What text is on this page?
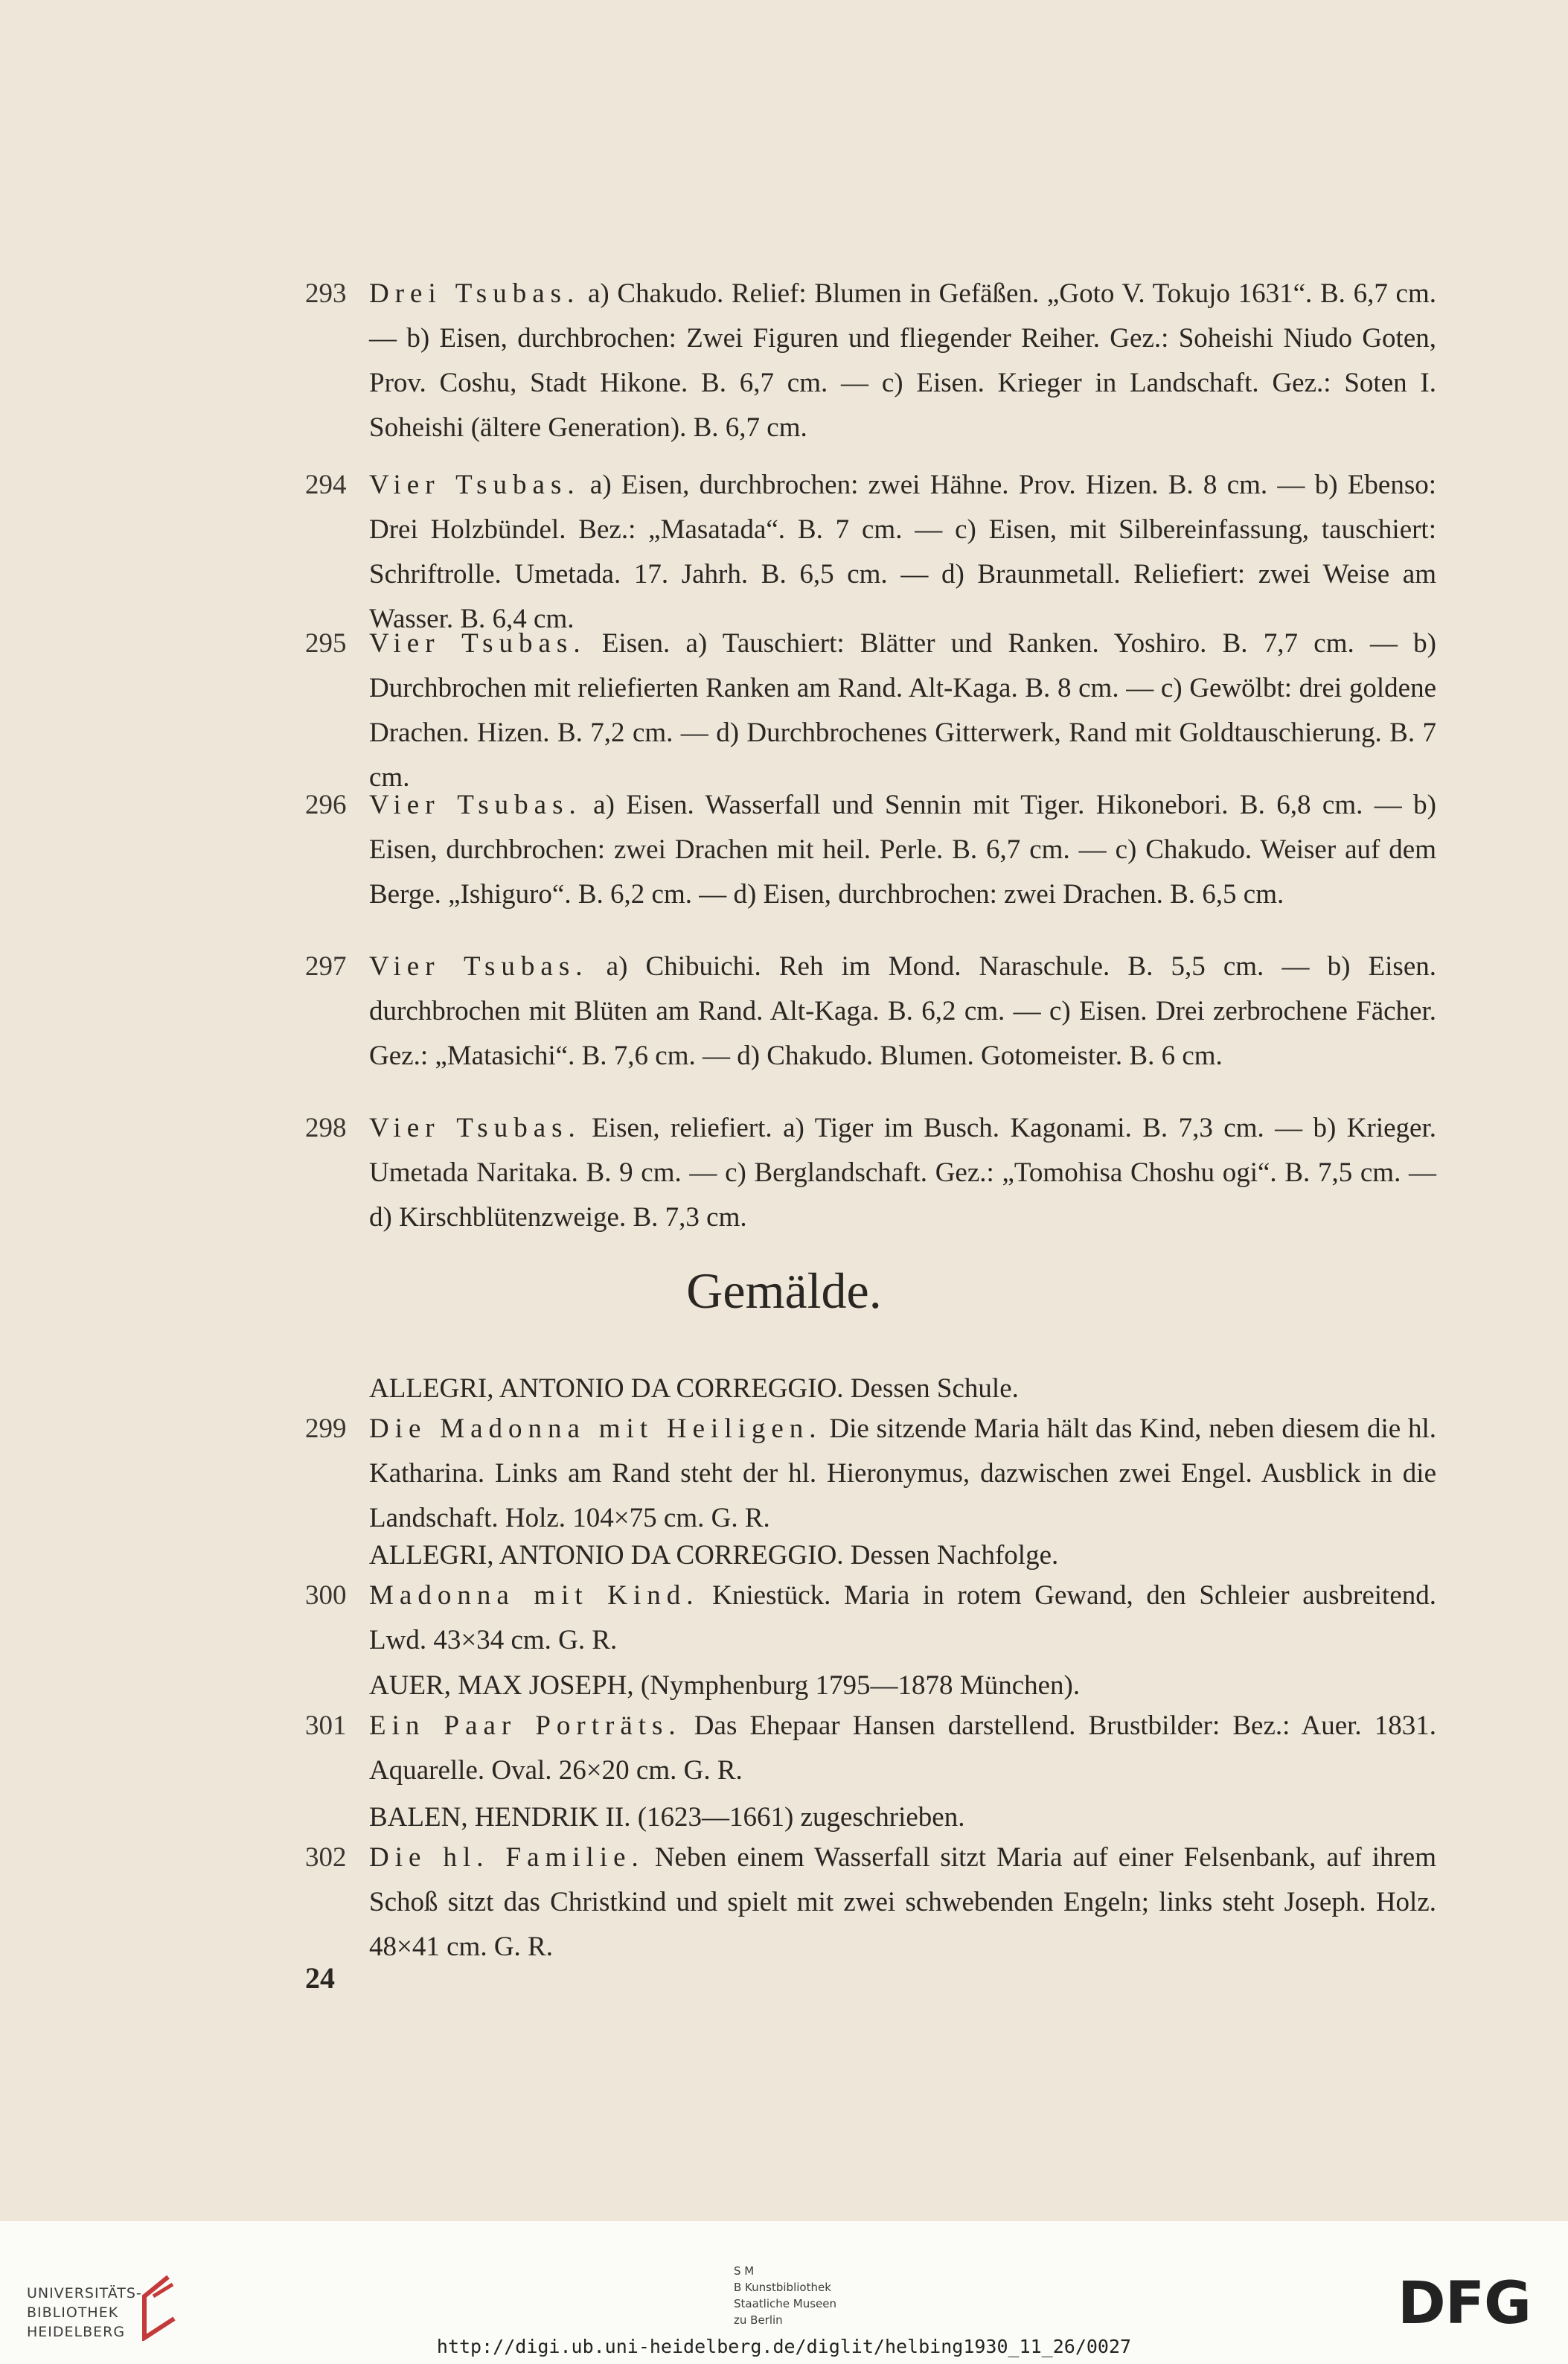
293 Drei Tsubas. a) Chakudo. Relief: Blumen in Gefäßen. „Goto V. Tokujo 1631“. B. 6,7 cm. — b) Eisen, durchbrochen: Zwei Figuren und fliegender Reiher. Gez.: Soheishi Niudo Goten, Prov. Coshu, Stadt Hikone. B. 6,7 cm. — c) Eisen. Krieger in Landschaft. Gez.: Soten I. Soheishi (ältere Generation). B. 6,7 cm.
294 Vier Tsubas. a) Eisen, durchbrochen: zwei Hähne. Prov. Hizen. B. 8 cm. — b) Ebenso: Drei Holzbündel. Bez.: „Masatada“. B. 7 cm. — c) Eisen, mit Silbereinfassung, tauschiert: Schriftrolle. Umetada. 17. Jahrh. B. 6,5 cm. — d) Braunmetall. Reliefiert: zwei Weise am Wasser. B. 6,4 cm.
295 Vier Tsubas. Eisen. a) Tauschiert: Blätter und Ranken. Yoshiro. B. 7,7 cm. — b) Durchbrochen mit reliefierten Ranken am Rand. Alt-Kaga. B. 8 cm. — c) Gewölbt: drei goldene Drachen. Hizen. B. 7,2 cm. — d) Durchbrochenes Gitterwerk, Rand mit Goldtauschierung. B. 7 cm.
296 Vier Tsubas. a) Eisen. Wasserfall und Sennin mit Tiger. Hikonebori. B. 6,8 cm. — b) Eisen, durchbrochen: zwei Drachen mit heil. Perle. B. 6,7 cm. — c) Chakudo. Weiser auf dem Berge. „Ishiguro“. B. 6,2 cm. — d) Eisen, durchbrochen: zwei Drachen. B. 6,5 cm.
297 Vier Tsubas. a) Chibuichi. Reh im Mond. Naraschule. B. 5,5 cm. — b) Eisen. durchbrochen mit Blüten am Rand. Alt-Kaga. B. 6,2 cm. — c) Eisen. Drei zerbrochene Fächer. Gez.: „Matasichi“. B. 7,6 cm. — d) Chakudo. Blumen. Gotomeister. B. 6 cm.
298 Vier Tsubas. Eisen, reliefiert. a) Tiger im Busch. Kagonami. B. 7,3 cm. — b) Krieger. Umetada Naritaka. B. 9 cm. — c) Berglandschaft. Gez.: „Tomohisa Choshu ogi“. B. 7,5 cm. — d) Kirschblütenzweige. B. 7,3 cm.
Gemälde.
ALLEGRI, ANTONIO DA CORREGGIO. Dessen Schule.
299 Die Madonna mit Heiligen. Die sitzende Maria hält das Kind, neben diesem die hl. Katharina. Links am Rand steht der hl. Hieronymus, dazwischen zwei Engel. Ausblick in die Landschaft. Holz. 104×75 cm. G. R.
ALLEGRI, ANTONIO DA CORREGGIO. Dessen Nachfolge.
300 Madonna mit Kind. Kniestück. Maria in rotem Gewand, den Schleier ausbreitend. Lwd. 43×34 cm. G. R.
AUER, MAX JOSEPH, (Nymphenburg 1795—1878 München).
301 Ein Paar Porträts. Das Ehepaar Hansen darstellend. Brustbilder: Bez.: Auer. 1831. Aquarelle. Oval. 26×20 cm. G. R.
BALEN, HENDRIK II. (1623—1661) zugeschrieben.
302 Die hl. Familie. Neben einem Wasserfall sitzt Maria auf einer Felsenbank, auf ihrem Schoß sitzt das Christkind und spielt mit zwei schwebenden Engeln; links steht Joseph. Holz. 48×41 cm. G. R.
24
UNIVERSITÄTS-
BIBLIOTHEK
HEIDELBERG
S M
B Kunstbibliothek
Staatliche Museen
zu Berlin	DFG
http://digi.ub.uni-heidelberg.de/diglit/helbing1930_11_26/0027
